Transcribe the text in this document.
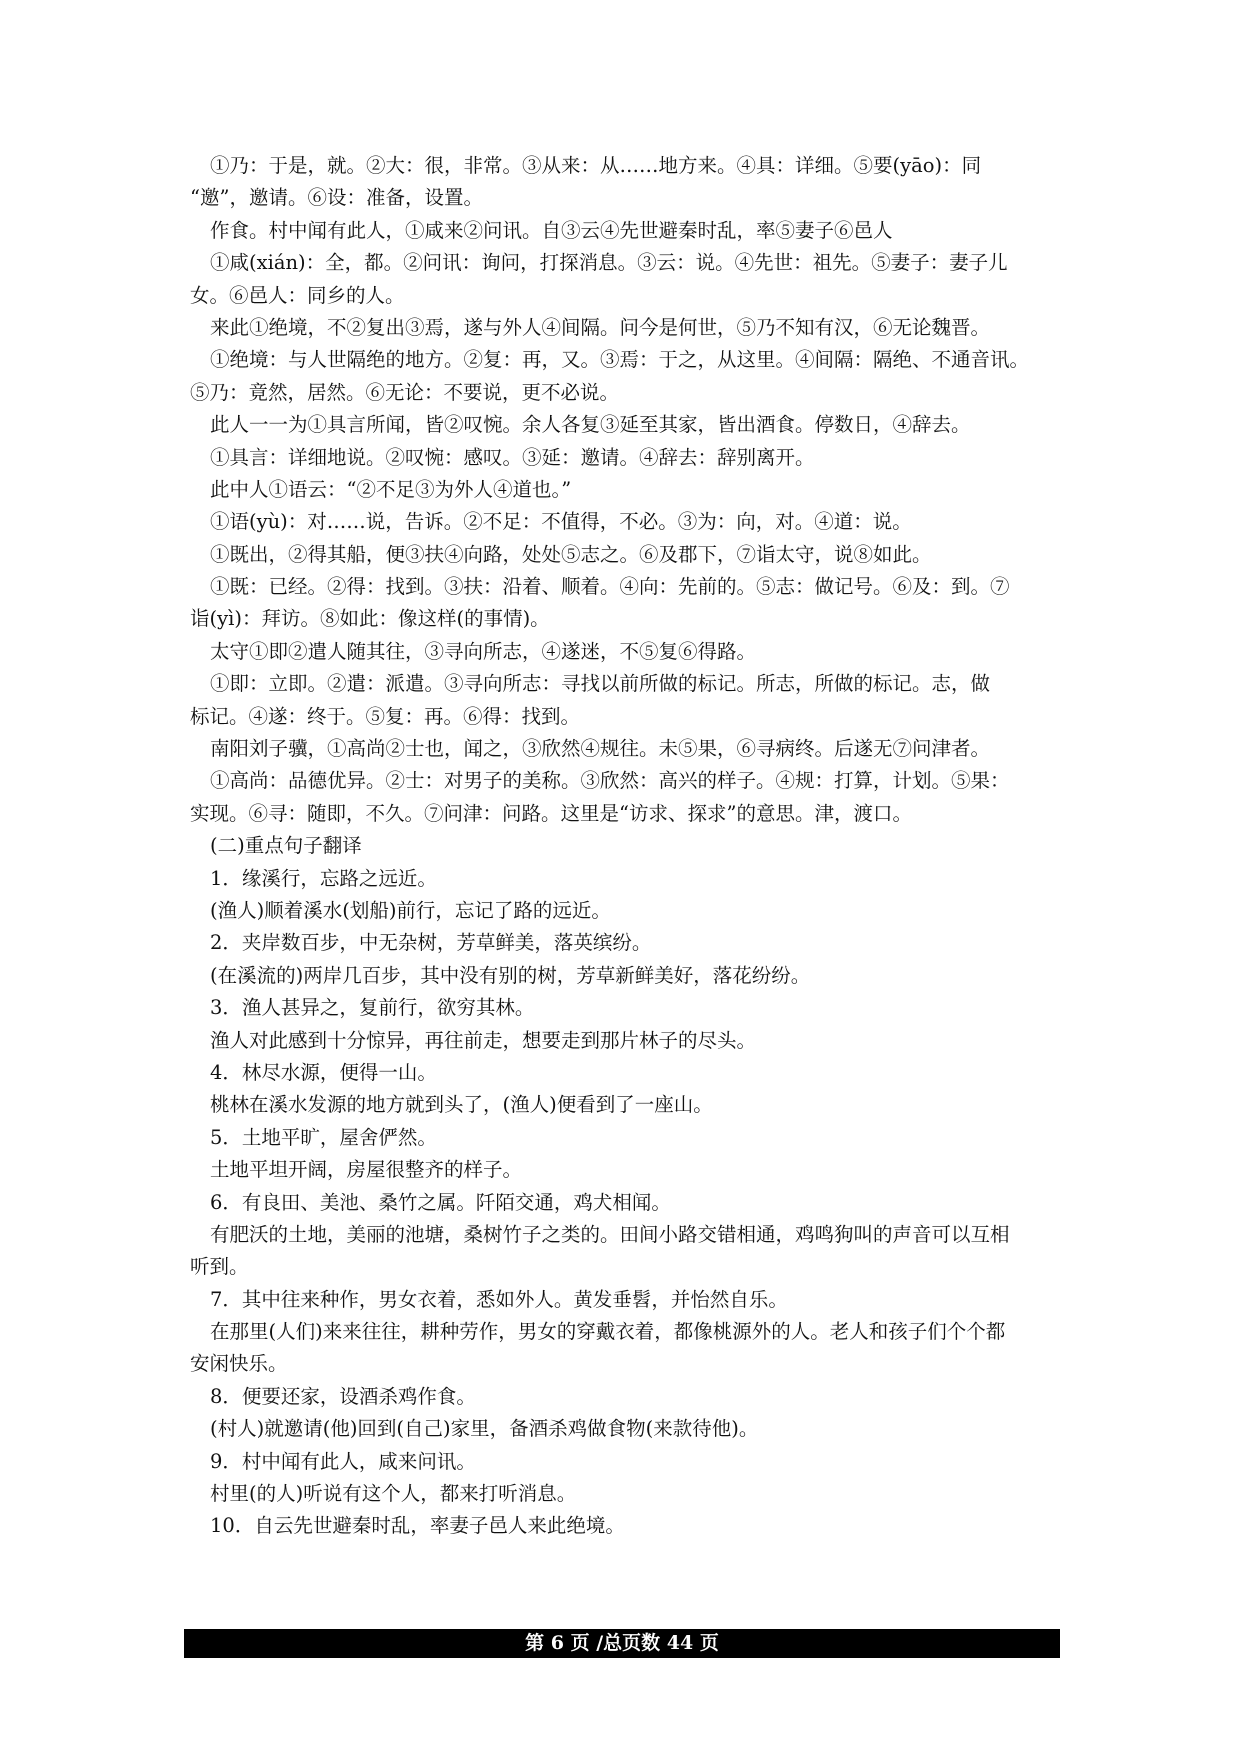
①乃：于是，就。②大：很，非常。③从来：从……地方来。④具：详细。⑤要(yāo)：同
“邀”，邀请。⑥设：准备，设置。
作食。村中闻有此人，①咸来②问讯。自③云④先世避秦时乱，率⑤妻子⑥邑人
①咸(xián)：全，都。②问讯：询问，打探消息。③云：说。④先世：祖先。⑤妻子：妻子儿
女。⑥邑人：同乡的人。
来此①绝境，不②复出③焉，遂与外人④间隔。问今是何世，⑤乃不知有汉，⑥无论魏晋。
①绝境：与人世隔绝的地方。②复：再，又。③焉：于之，从这里。④间隔：隔绝、不通音讯。
⑤乃：竟然，居然。⑥无论：不要说，更不必说。
此人一一为①具言所闻，皆②叹惋。余人各复③延至其家，皆出酒食。停数日，④辞去。
①具言：详细地说。②叹惋：感叹。③延：邀请。④辞去：辞别离开。
此中人①语云：“②不足③为外人④道也。”
①语(yù)：对……说，告诉。②不足：不值得，不必。③为：向，对。④道：说。
①既出，②得其船，便③扶④向路，处处⑤志之。⑥及郡下，⑦诣太守，说⑧如此。
①既：已经。②得：找到。③扶：沿着、顺着。④向：先前的。⑤志：做记号。⑥及：到。⑦
诣(yì)：拜访。⑧如此：像这样(的事情)。
太守①即②遣人随其往，③寻向所志，④遂迷，不⑤复⑥得路。
①即：立即。②遣：派遣。③寻向所志：寻找以前所做的标记。所志，所做的标记。志，做
标记。④遂：终于。⑤复：再。⑥得：找到。
南阳刘子骥，①高尚②士也，闻之，③欣然④规往。未⑤果，⑥寻病终。后遂无⑦问津者。
①高尚：品德优异。②士：对男子的美称。③欣然：高兴的样子。④规：打算，计划。⑤果：
实现。⑥寻：随即，不久。⑦问津：问路。这里是“访求、探求”的意思。津，渡口。
(二)重点句子翻译
1．缘溪行，忘路之远近。
(渔人)顺着溪水(划船)前行，忘记了路的远近。
2．夹岸数百步，中无杂树，芳草鲜美，落英缤纷。
(在溪流的)两岸几百步，其中没有别的树，芳草新鲜美好，落花纷纷。
3．渔人甚异之，复前行，欲穷其林。
渔人对此感到十分惊异，再往前走，想要走到那片林子的尽头。
4．林尽水源，便得一山。
桃林在溪水发源的地方就到头了，(渔人)便看到了一座山。
5．土地平旷，屋舍俨然。
土地平坦开阔，房屋很整齐的样子。
6．有良田、美池、桑竹之属。阡陌交通，鸡犬相闻。
有肥沃的土地，美丽的池塘，桑树竹子之类的。田间小路交错相通，鸡鸣狗叫的声音可以互相
听到。
7．其中往来种作，男女衣着，悉如外人。黄发垂髫，并怡然自乐。
在那里(人们)来来往往，耕种劳作，男女的穿戴衣着，都像桃源外的人。老人和孩子们个个都
安闲快乐。
8．便要还家，设酒杀鸡作食。
(村人)就邀请(他)回到(自己)家里，备酒杀鸡做食物(来款待他)。
9．村中闻有此人，咸来问讯。
村里(的人)听说有这个人，都来打听消息。
10．自云先世避秦时乱，率妻子邑人来此绝境。
第 6 页 /总页数 44 页
